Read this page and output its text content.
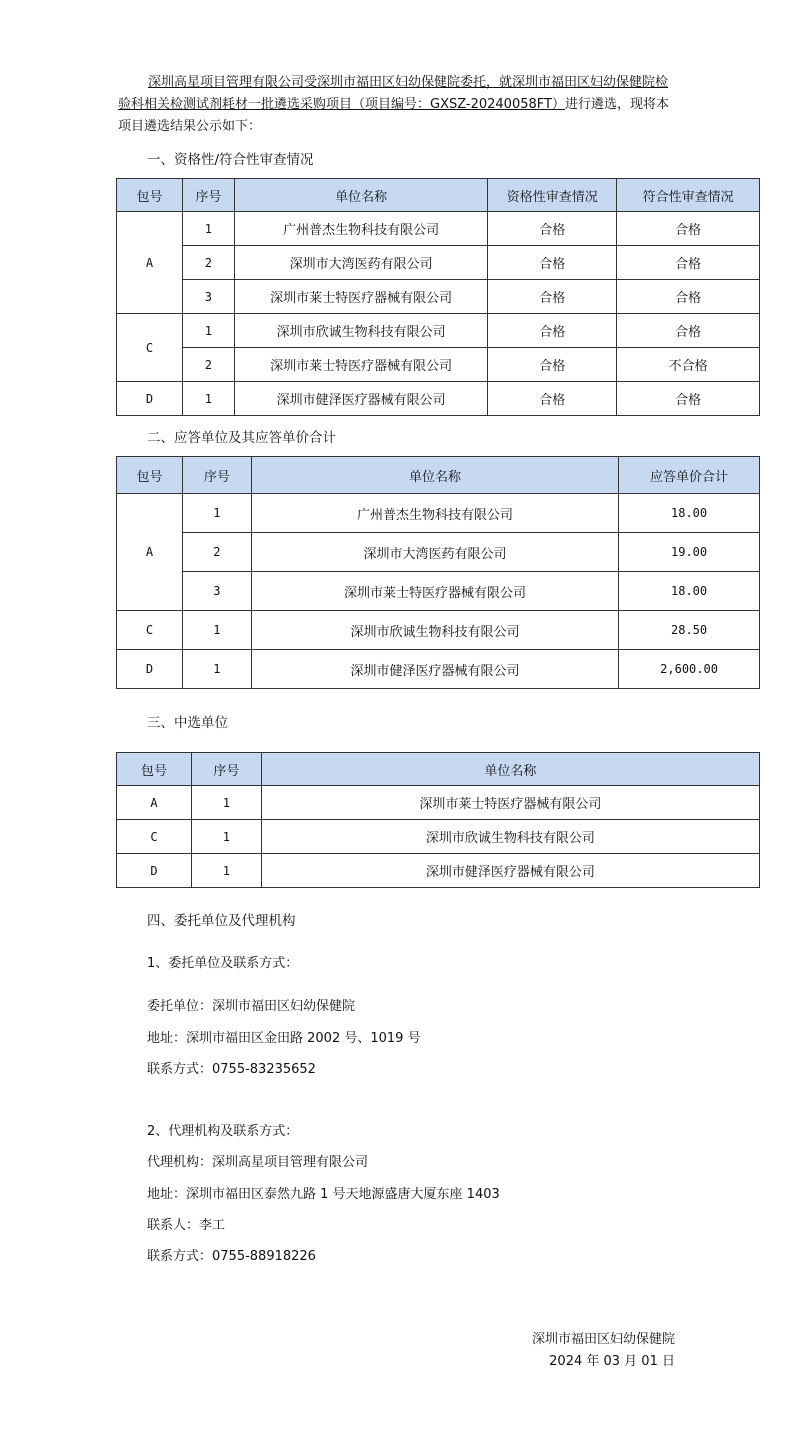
深圳高星项目管理有限公司受深圳市福田区妇幼保健院委托，就深圳市福田区妇幼保健院检验科相关检测试剂耗材一批遴选采购项目（项目编号：GXSZ-20240058FT）进行遴选，现将本项目遴选结果公示如下：
一、资格性/符合性审查情况
包号	序号	单位名称	资格性审查情况	符合性审查情况
A	1	广州普杰生物科技有限公司	合格	合格
	2	深圳市大湾医药有限公司	合格	合格
	3	深圳市莱士特医疗器械有限公司	合格	合格
C	1	深圳市欣诚生物科技有限公司	合格	合格
	2	深圳市莱士特医疗器械有限公司	合格	不合格
D	1	深圳市健泽医疗器械有限公司	合格	合格
二、应答单位及其应答单价合计
包号	序号	单位名称	应答单价合计
A	1	广州普杰生物科技有限公司	18.00
	2	深圳市大湾医药有限公司	19.00
	3	深圳市莱士特医疗器械有限公司	18.00
C	1	深圳市欣诚生物科技有限公司	28.50
D	1	深圳市健泽医疗器械有限公司	2,600.00
三、中选单位
包号	序号	单位名称
A	1	深圳市莱士特医疗器械有限公司
C	1	深圳市欣诚生物科技有限公司
D	1	深圳市健泽医疗器械有限公司
四、委托单位及代理机构
1、委托单位及联系方式：
委托单位：深圳市福田区妇幼保健院
地址：深圳市福田区金田路 2002 号、1019 号
联系方式：0755-83235652
2、代理机构及联系方式：
代理机构：深圳高星项目管理有限公司
地址：深圳市福田区泰然九路 1 号天地源盛唐大厦东座 1403
联系人：李工
联系方式：0755-88918226
深圳市福田区妇幼保健院
2024 年 03 月 01 日
